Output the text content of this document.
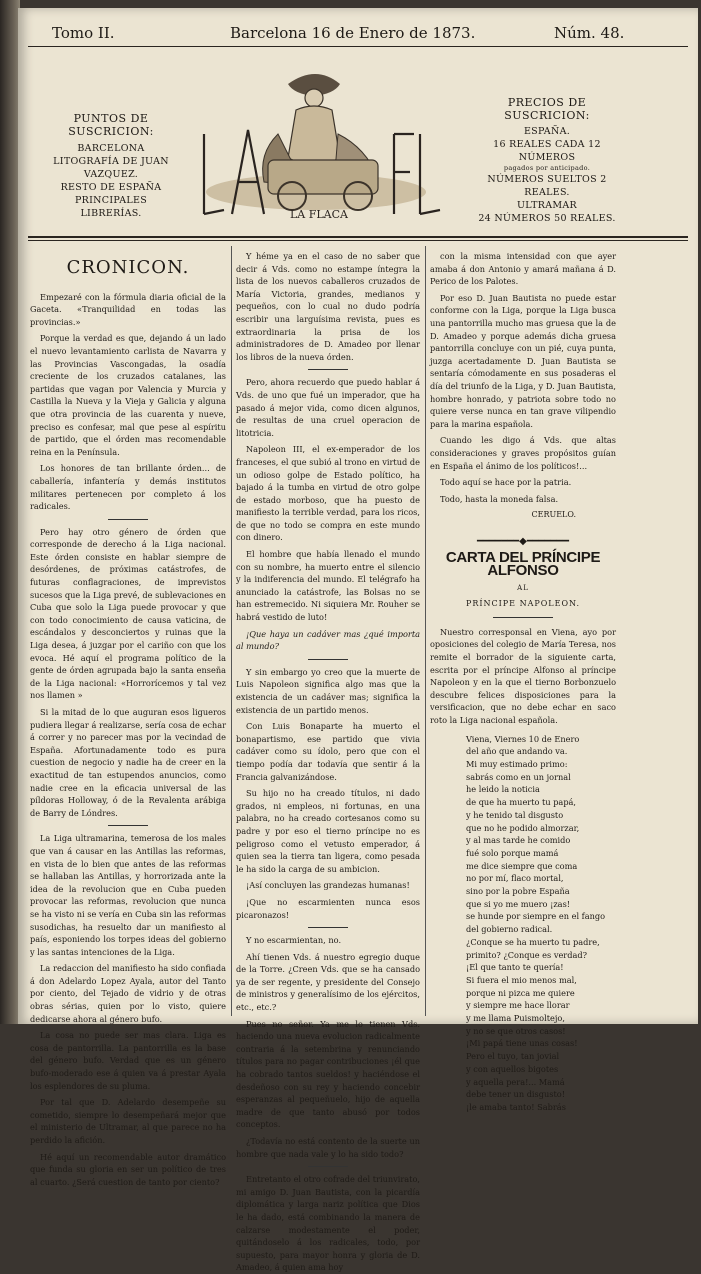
Tomo II.	Barcelona 16 de Enero de 1873.	Núm. 48.
PUNTOS DE SUSCRICION:
BARCELONA
LITOGRAFÍA DE JUAN VAZQUEZ.
RESTO DE ESPAÑA
PRINCIPALES LIBRERÍAS.	LA FLACA
PRECIOS DE SUSCRICION:
ESPAÑA.
16 REALES CADA 12 NÚMEROS
pagados por anticipado.
NÚMEROS SUELTOS 2 REALES.
ULTRAMAR
24 NÚMEROS 50 REALES.
CRONICON.

Empezaré con la fórmula diaria oficial de la Gaceta. «Tranquilidad en todas las provincias.»

Porque la verdad es que, dejando á un lado el nuevo levantamiento carlista de Navarra y las Provincias Vascongadas, la osadía creciente de los cruzados catalanes, las partidas que vagan por Valencia y Murcia y Castilla la Nueva y la Vieja y Galicia y alguna que otra provincia de las cuarenta y nueve, preciso es confesar, mal que pese al espíritu de partido, que el órden mas recomendable reina en la Península.

Los honores de tan brillante órden... de caballería, infantería y demás institutos militares pertenecen por completo á los radicales.

Pero hay otro género de órden que corresponde de derecho á la Liga nacional. Este órden consiste en hablar siempre de desórdenes, de próximas catástrofes, de futuras conflagraciones, de imprevistos sucesos que la Liga prevé, de sublevaciones en Cuba que solo la Liga puede provocar y que con todo conocimiento de causa vaticina, de escándalos y desconciertos y ruinas que la Liga desea, á juzgar por el cariño con que los evoca. Hé aquí el programa político de la gente de órden agrupada bajo la santa enseña de la Liga nacional: «Horrorícemos y tal vez nos llamen »

Si la mitad de lo que auguran esos ligueros pudiera llegar á realizarse, sería cosa de echar á correr y no parecer mas por la vecindad de España. Afortunadamente todo es pura cuestion de negocio y nadie ha de creer en la exactitud de tan estupendos anuncios, como nadie cree en la eficacia universal de las píldoras Holloway, ó de la Revalenta arábiga de Barry de Lóndres.

La Liga ultramarina, temerosa de los males que van á causar en las Antillas las reformas, en vista de lo bien que antes de las reformas se hallaban las Antillas, y horrorizada ante la idea de la revolucion que en Cuba pueden provocar las reformas, revolucion que nunca se ha visto ni se vería en Cuba sin las reformas susodichas, ha resuelto dar un manifiesto al país, esponiendo los torpes ideas del gobierno y las santas intenciones de la Liga.

La redaccion del manifiesto ha sido confiada á don Adelardo Lopez Ayala, autor del Tanto por ciento, del Tejado de vidrio y de otras obras sérias, quien por lo visto, quiere dedicarse ahora al género bufo.

La cosa no puede ser mas clara. Liga es cosa de pantorrilla. La pantorrilla es la base del género bufo. Verdad que es un género bufo-moderado ese á quien va á prestar Ayala los esplendores de su pluma.

Por tal que D. Adelardo desempeñe su cometido, siempre lo desempeñará mejor que el ministerio de Ultramar, al que parece no ha perdido la afición.

Hé aquí un recomendable autor dramático que funda su gloria en ser un político de tres al cuarto. ¿Será cuestion de tanto por ciento?

Y héme ya en el caso de no saber que decir á Vds. como no estampe íntegra la lista de los nuevos caballeros cruzados de María Victoria, grandes, medianos y pequeños, con lo cual no dudo podría escribir una larguísima revista, pues es extraordinaria la prisa de los administradores de D. Amadeo por llenar los libros de la nueva órden.

Pero, ahora recuerdo que puedo hablar á Vds. de uno que fué un imperador, que ha pasado á mejor vida, como dicen algunos, de resultas de una cruel operacion de litotricia.

Napoleon III, el ex-emperador de los franceses, el que subió al trono en virtud de un odioso golpe de Estado político, ha bajado á la tumba en virtud de otro golpe de estado morboso, que ha puesto de manifiesto la terrible verdad, para los ricos, de que no todo se compra en este mundo con dinero.

El hombre que había llenado el mundo con su nombre, ha muerto entre el silencio y la indiferencia del mundo. El telégrafo ha anunciado la catástrofe, las Bolsas no se han estremecido. Ni siquiera Mr. Rouher se habrá vestido de luto!

¡Que haya un cadáver mas ¿qué importa al mundo?

Y sin embargo yo creo que la muerte de Luis Napoleon significa algo mas que la existencia de un cadáver mas; significa la existencia de un partido menos.

Con Luis Bonaparte ha muerto el bonapartismo, ese partido que vivia cadáver como su ídolo, pero que con el tiempo podía dar todavía que sentir á la Francia galvanizándose.

Su hijo no ha creado títulos, ni dado grados, ni empleos, ni fortunas, en una palabra, no ha creado cortesanos como su padre y por eso el tierno príncipe no es peligroso como el vetusto emperador, á quien sea la tierra tan ligera, como pesada le ha sido la carga de su ambicion.

¡Así concluyen las grandezas humanas!

¡Que no escarmienten nunca esos picaronazos!

Y no escarmientan, no.

Ahí tienen Vds. á nuestro egregio duque de la Torre. ¿Creen Vds. que se ha cansado ya de ser regente, y presidente del Consejo de ministros y generalísimo de los ejércitos, etc., etc.?

Pues no señor. Ya me lo tienen Vds. haciendo una nueva evolucion radicalmente contraria á la setembrina y renunciando títulos para no pagar contribuciones ¡él que ha cobrado tantos sueldos! y haciéndose el desdeñoso con su rey y haciendo concebir esperanzas al pequeñuelo, hijo de aquella madre de que tanto abusó por todos conceptos.

¿Todavía no está contento de la suerte un hombre que nada vale y lo ha sido todo?

Entretanto el otro cofrade del triunvirato, mi amigo D. Juan Bautista, con la picardía diplomática y larga nariz política que Dios le ha dado, está combinando la manera de calzarse modestamente el poder, quitándoselo á los radicales, todo, por supuesto, para mayor honra y gloria de D. Amadeo, á quien ama hoy

con la misma intensidad con que ayer amaba á don Antonio y amará mañana á D. Perico de los Palotes.

Por eso D. Juan Bautista no puede estar conforme con la Liga, porque la Liga busca una pantorrilla mucho mas gruesa que la de D. Amadeo y porque además dicha gruesa pantorrilla concluye con un pié, cuya punta, juzga acertadamente D. Juan Bautista se sentaría cómodamente en sus posaderas el día del triunfo de la Liga, y D. Juan Bautista, hombre honrado, y patriota sobre todo no quiere verse nunca en tan grave vilipendio para la marina española.

Cuando les digo á Vds. que altas consideraciones y graves propósitos guían en España el ánimo de los políticos!...

Todo aquí se hace por la patria.

Todo, hasta la moneda falsa.

CERUELO.

━━━━━━━◆━━━━━━━
CARTA DEL PRÍNCIPE ALFONSO
AL
PRÍNCIPE NAPOLEON.

Nuestro corresponsal en Viena, ayo por oposiciones del colegio de María Teresa, nos remite el borrador de la siguiente carta, escrita por el príncipe Alfonso al príncipe Napoleon y en la que el tierno Borbonzuelo descubre felices disposiciones para la versificacion, que no debe echar en saco roto la Liga nacional española.

Viena, Viernes 10 de Enero
del año que andando va.
Mi muy estimado primo:
sabrás como en un jornal
he leido la noticia
de que ha muerto tu papá,
y he tenido tal disgusto
que no he podido almorzar,
y al mas tarde he comido
fué solo porque mamá
me dice siempre que coma
no por mí, flaco mortal,
sino por la pobre España
que si yo me muero ¡zas!
se hunde por siempre en el fango
del gobierno radical.
¿Conque se ha muerto tu padre,
primito? ¿Conque es verdad?
¡El que tanto te quería!
Si fuera el mio menos mal,
porque ni pizca me quiere
y siempre me hace llorar
y me llama Puismoltejo,
y no se que otros casos!
¡Mi papá tiene unas cosas!
Pero el tuyo, tan jovial
y con aquellos bigotes
y aquella pera!... Mamá
debe tener un disgusto!
¡le amaba tanto! Sabrás
